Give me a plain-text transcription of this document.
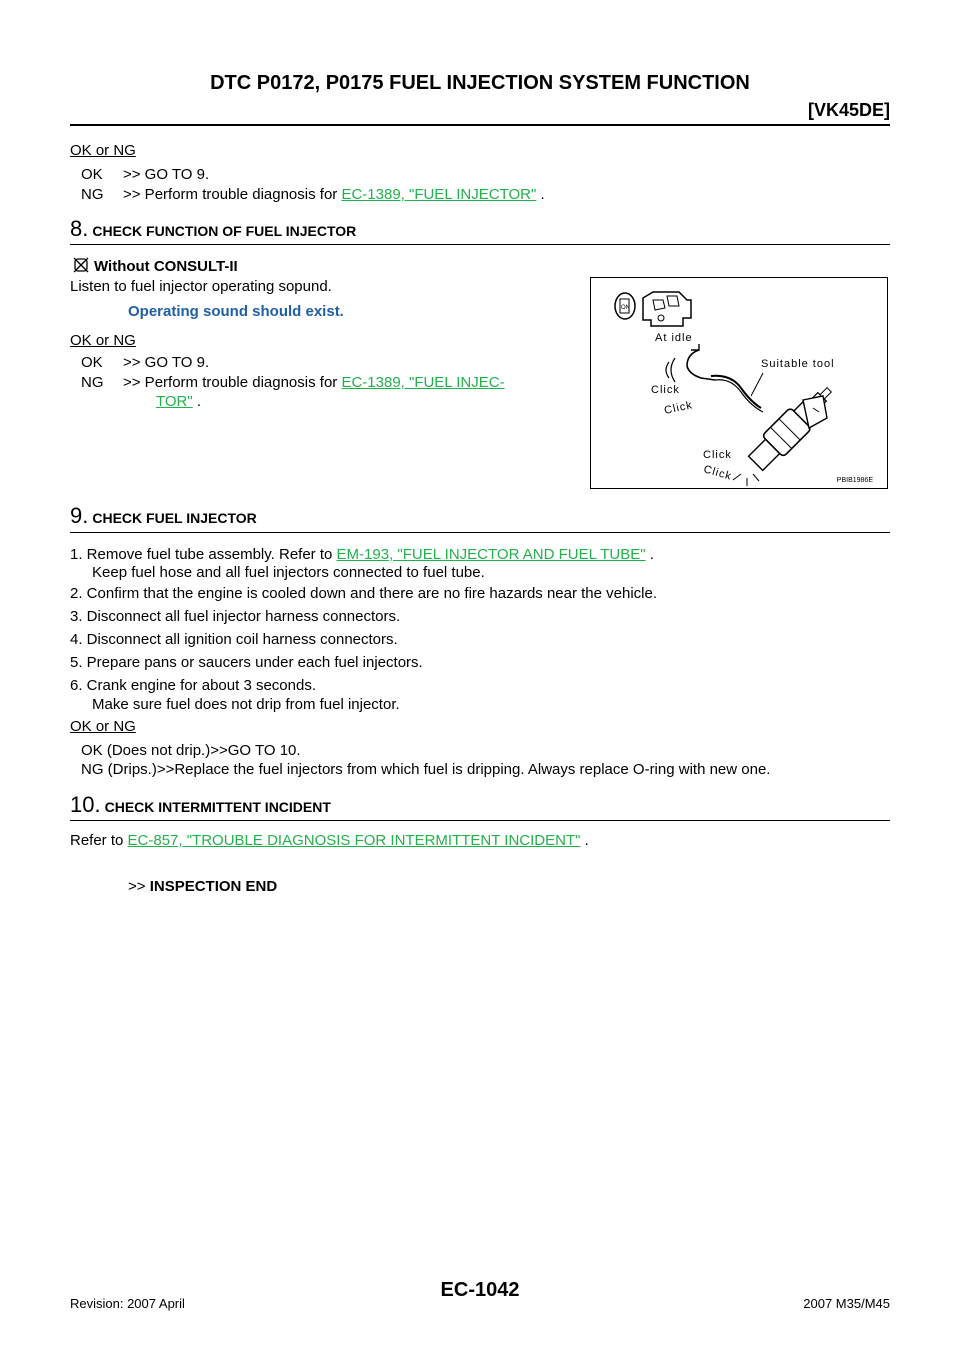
DTC P0172, P0175 FUEL INJECTION SYSTEM FUNCTION
[VK45DE]
OK or NG
OK >> GO TO 9.
NG >> Perform trouble diagnosis for EC-1389, "FUEL INJECTOR" .
8. CHECK FUNCTION OF FUEL INJECTOR
Without CONSULT-II
Listen to fuel injector operating sopund.
Operating sound should exist.
OK or NG
OK >> GO TO 9.
NG >> Perform trouble diagnosis for EC-1389, "FUEL INJEC-
TOR" .
ON
At idle
Suitable tool
Click
Click
Click
Click	PBIB1986E
9. CHECK FUEL INJECTOR
1. Remove fuel tube assembly. Refer to EM-193, "FUEL INJECTOR AND FUEL TUBE" .
Keep fuel hose and all fuel injectors connected to fuel tube.
2. Confirm that the engine is cooled down and there are no fire hazards near the vehicle.
3. Disconnect all fuel injector harness connectors.
4. Disconnect all ignition coil harness connectors.
5. Prepare pans or saucers under each fuel injectors.
6. Crank engine for about 3 seconds.
Make sure fuel does not drip from fuel injector.
OK or NG
OK (Does not drip.)>>GO TO 10.
NG (Drips.)>>Replace the fuel injectors from which fuel is dripping. Always replace O-ring with new one.
10. CHECK INTERMITTENT INCIDENT
Refer to EC-857, "TROUBLE DIAGNOSIS FOR INTERMITTENT INCIDENT" .
>> INSPECTION END
Revision: 2007 April
EC-1042
2007 M35/M45
